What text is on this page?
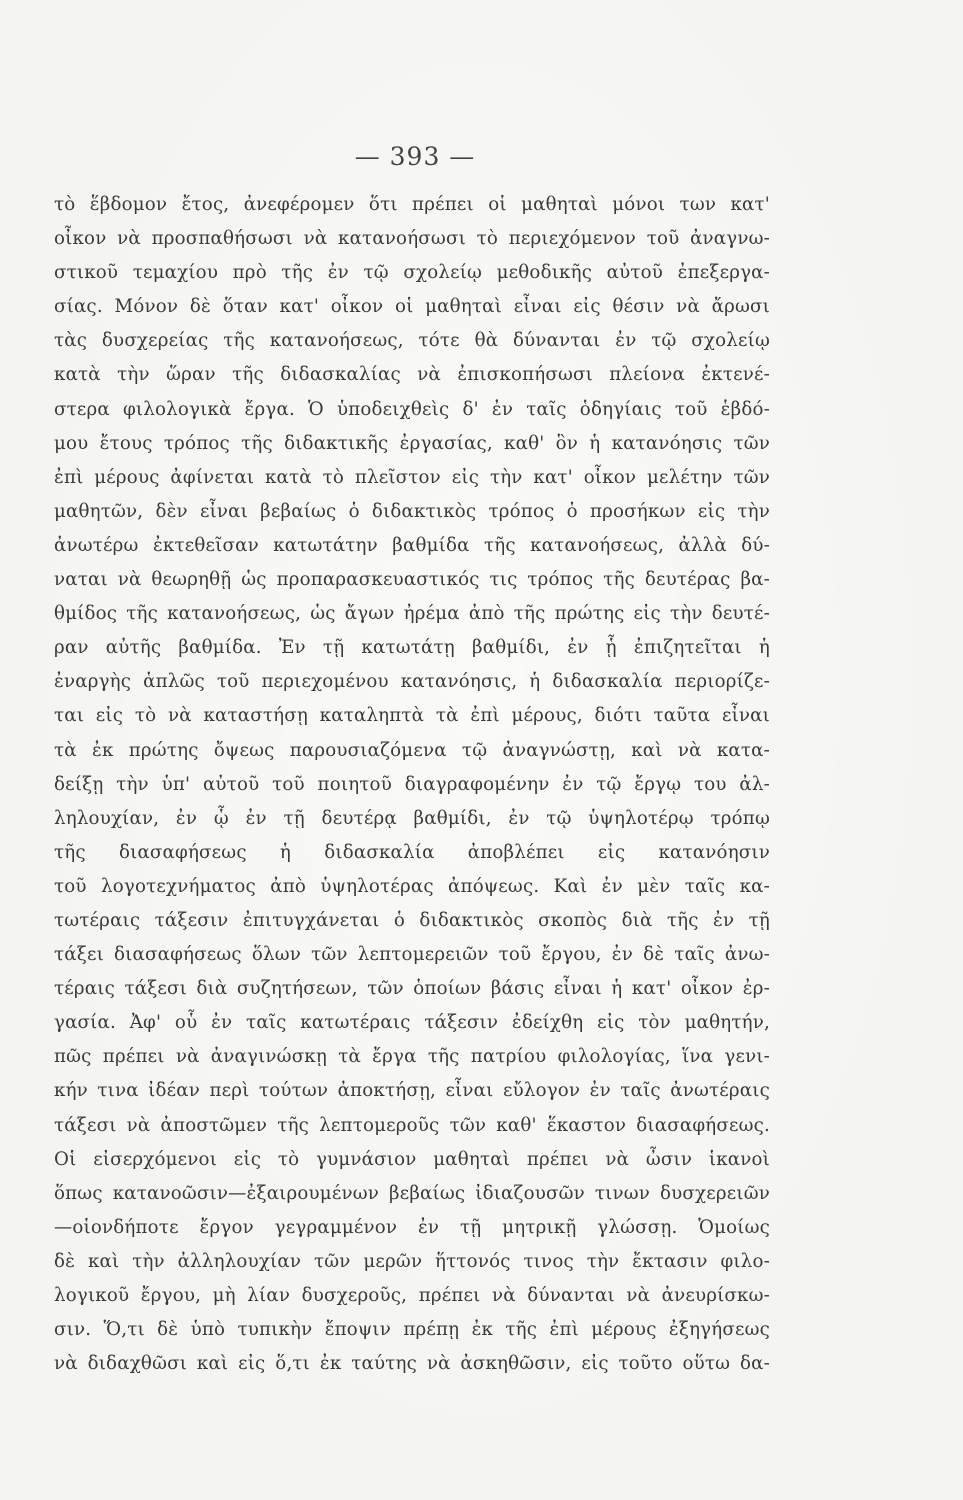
— 393 —
τὸ ἕβδομον ἔτος, ἀνεφέρομεν ὅτι πρέπει οἱ μαθηταὶ μόνοι των κατ'
οἶκον νὰ προσπαθήσωσι νὰ κατανοήσωσι τὸ περιεχόμενον τοῦ ἀναγνω-
στικοῦ τεμαχίου πρὸ τῆς ἐν τῷ σχολείῳ μεθοδικῆς αὐτοῦ ἐπεξεργα-
σίας. Μόνον δὲ ὅταν κατ' οἶκον οἱ μαθηταὶ εἶναι εἰς θέσιν νὰ ἄρωσι
τὰς δυσχερείας τῆς κατανοήσεως, τότε θὰ δύνανται ἐν τῷ σχολείῳ
κατὰ τὴν ὥραν τῆς διδασκαλίας νὰ ἐπισκοπήσωσι πλείονα ἐκτενέ-
στερα φιλολογικὰ ἔργα. Ὁ ὑποδειχθεὶς δ' ἐν ταῖς ὁδηγίαις τοῦ ἑβδό-
μου ἔτους τρόπος τῆς διδακτικῆς ἐργασίας, καθ' ὃν ἡ κατανόησις τῶν
ἐπὶ μέρους ἀφίνεται κατὰ τὸ πλεῖστον εἰς τὴν κατ' οἶκον μελέτην τῶν
μαθητῶν, δὲν εἶναι βεβαίως ὁ διδακτικὸς τρόπος ὁ προσήκων εἰς τὴν
ἀνωτέρω ἐκτεθεῖσαν κατωτάτην βαθμίδα τῆς κατανοήσεως, ἀλλὰ δύ-
ναται νὰ θεωρηθῇ ὡς προπαρασκευαστικός τις τρόπος τῆς δευτέρας βα-
θμίδος τῆς κατανοήσεως, ὡς ἄγων ἠρέμα ἀπὸ τῆς πρώτης εἰς τὴν δευτέ-
ραν αὐτῆς βαθμίδα. Ἐν τῇ κατωτάτῃ βαθμίδι, ἐν ᾗ ἐπιζητεῖται ἡ
ἐναργὴς ἁπλῶς τοῦ περιεχομένου κατανόησις, ἡ διδασκαλία περιορίζε-
ται εἰς τὸ νὰ καταστήσῃ καταληπτὰ τὰ ἐπὶ μέρους, διότι ταῦτα εἶναι
τὰ ἐκ πρώτης ὄψεως παρουσιαζόμενα τῷ ἀναγνώστῃ, καὶ νὰ κατα-
δείξῃ τὴν ὑπ' αὐτοῦ τοῦ ποιητοῦ διαγραφομένην ἐν τῷ ἔργῳ του ἀλ-
ληλουχίαν, ἐν ᾧ ἐν τῇ δευτέρᾳ βαθμίδι, ἐν τῷ ὑψηλοτέρῳ τρόπῳ
τῆς διασαφήσεως ἡ διδασκαλία ἀποβλέπει εἰς κατανόησιν
τοῦ λογοτεχνήματος ἀπὸ ὑψηλοτέρας ἀπόψεως. Καὶ ἐν μὲν ταῖς κα-
τωτέραις τάξεσιν ἐπιτυγχάνεται ὁ διδακτικὸς σκοπὸς διὰ τῆς ἐν τῇ
τάξει διασαφήσεως ὅλων τῶν λεπτομερειῶν τοῦ ἔργου, ἐν δὲ ταῖς ἀνω-
τέραις τάξεσι διὰ συζητήσεων, τῶν ὁποίων βάσις εἶναι ἡ κατ' οἶκον ἐρ-
γασία. Ἀφ' οὗ ἐν ταῖς κατωτέραις τάξεσιν ἐδείχθη εἰς τὸν μαθητήν,
πῶς πρέπει νὰ ἀναγινώσκῃ τὰ ἔργα τῆς πατρίου φιλολογίας, ἵνα γενι-
κήν τινα ἰδέαν περὶ τούτων ἀποκτήσῃ, εἶναι εὔλογον ἐν ταῖς ἀνωτέραις
τάξεσι νὰ ἀποστῶμεν τῆς λεπτομεροῦς τῶν καθ' ἕκαστον διασαφήσεως.
Οἱ εἰσερχόμενοι εἰς τὸ γυμνάσιον μαθηταὶ πρέπει νὰ ὦσιν ἱκανοὶ
ὅπως κατανοῶσιν—ἐξαιρουμένων βεβαίως ἰδιαζουσῶν τινων δυσχερειῶν
—οἱονδήποτε ἔργον γεγραμμένον ἐν τῇ μητρικῇ γλώσσῃ. Ὁμοίως
δὲ καὶ τὴν ἀλληλουχίαν τῶν μερῶν ἥττονός τινος τὴν ἔκτασιν φιλο-
λογικοῦ ἔργου, μὴ λίαν δυσχεροῦς, πρέπει νὰ δύνανται νὰ ἀνευρίσκω-
σιν. Ὅ,τι δὲ ὑπὸ τυπικὴν ἔποψιν πρέπῃ ἐκ τῆς ἐπὶ μέρους ἐξηγήσεως
νὰ διδαχθῶσι καὶ εἰς ὅ,τι ἐκ ταύτης νὰ ἀσκηθῶσιν, εἰς τοῦτο οὕτω δα-
